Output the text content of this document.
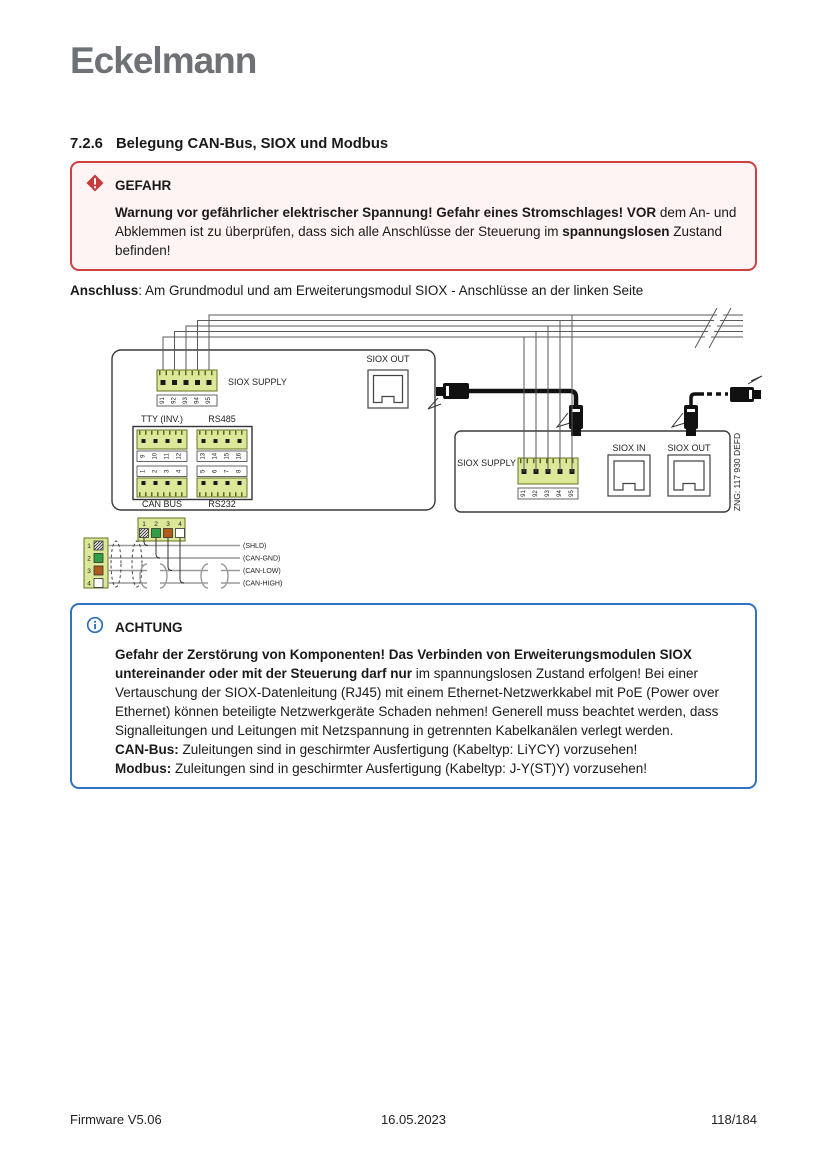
Eckelmann
7.2.6 Belegung CAN-Bus, SIOX und Modbus
GEFAHR
Warnung vor gefährlicher elektrischer Spannung! Gefahr eines Stromschlages! VOR dem An- und Abklemmen ist zu überprüfen, dass sich alle Anschlüsse der Steuerung im spannungslosen Zustand befinden!
Anschluss: Am Grundmodul und am Erweiterungsmodul SIOX - Anschlüsse an der linken Seite
91 92 93 94 95
SIOX SUPPLY
SIOX OUT
TTY (INV.)	RS485
9 10 11 12	13 14 15 16
1 2 3 4	5 6 7 8
CAN BUS	RS232
SIOX SUPPLY
91 92 93 94 95
SIOX IN SIOX OUT	ZNG: 117 930 DEFD
1 2 3 4
1
2
3
4
(SHLD)
(CAN-GND)
(CAN-LOW)
(CAN-HIGH)
ACHTUNG
Gefahr der Zerstörung von Komponenten! Das Verbinden von Erweiterungsmodulen SIOX untereinander oder mit der Steuerung darf nur im spannungslosen Zustand erfolgen! Bei einer Vertauschung der SIOX-Datenleitung (RJ45) mit einem Ethernet-Netzwerkkabel mit PoE (Power over Ethernet) können beteiligte Netzwerkgeräte Schaden nehmen! Generell muss beachtet werden, dass Signalleitungen und Leitungen mit Netzspannung in getrennten Kabelkanälen verlegt werden.
CAN-Bus: Zuleitungen sind in geschirmter Ausfertigung (Kabeltyp: LiYCY) vorzusehen!
Modbus: Zuleitungen sind in geschirmter Ausfertigung (Kabeltyp: J-Y(ST)Y) vorzusehen!
Firmware V5.06	16.05.2023	118/184
